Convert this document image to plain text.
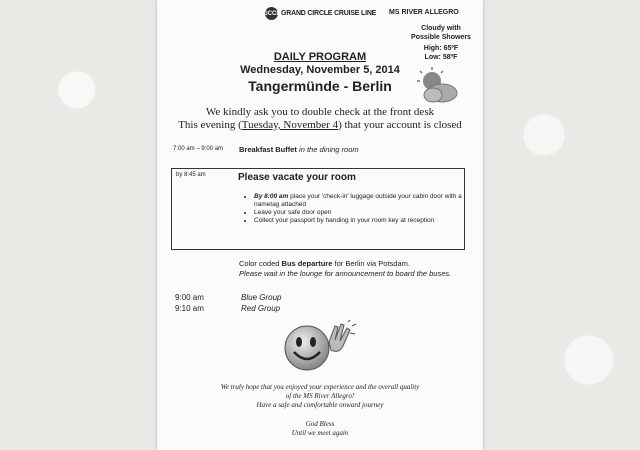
GCCL GRAND CIRCLE CRUISE LINE MS RIVER ALLEGRO
Cloudy with
Possible Showers
High: 65ºF
Low: 58ºF
DAILY PROGRAM
Wednesday, November 5, 2014
Tangermünde - Berlin
We kindly ask you to double check at the front desk
This evening (Tuesday, November 4) that your account is closed
7:00 am – 9:00 am Breakfast Buffet in the dining room
by 8:45 am	Please vacate your room
• By 8:00 am place your 'check-in' luggage outside your cabin door with a nametag attached
• Leave your safe door open
• Collect your passport by handing in your room key at reception
Color coded Bus departure for Berlin via Potsdam.
Please wait in the lounge for announcement to board the buses.
9:00 am	Blue Group
9:10 am	Red Group
We truly hope that you enjoyed your experience and the overall quality
of the MS River Allegro!
Have a safe and comfortable onward journey
God Bless
Until we meet again
